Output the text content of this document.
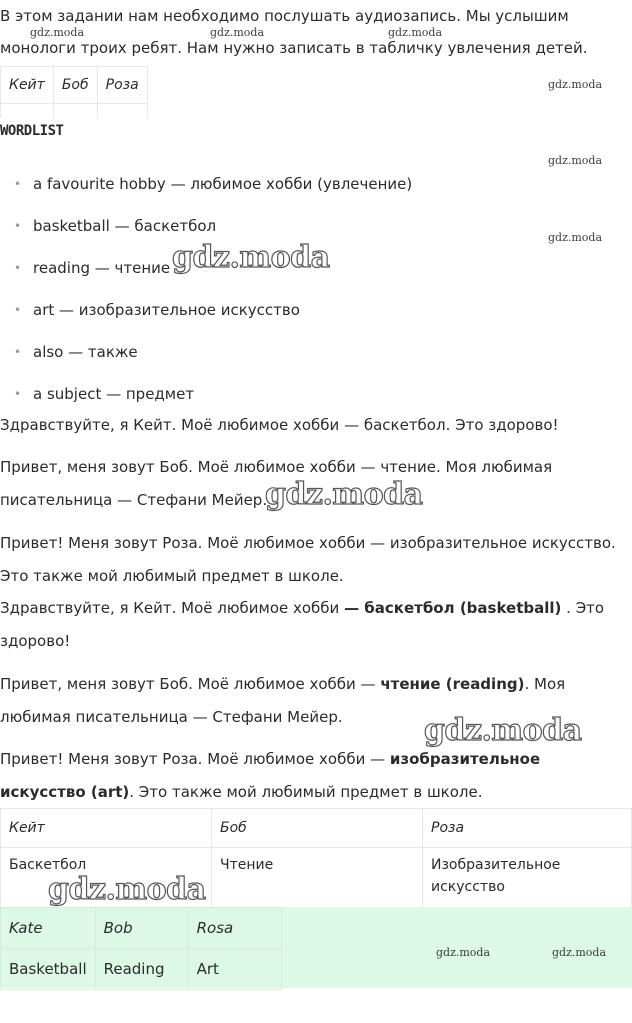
В этом задании нам необходимо послушать аудиозапись. Мы услышим монологи троих ребят. Нам нужно записать в табличку увлечения детей.

Кейт	Боб	Роза

WORDLIST
• a favourite hobby — любимое хобби (увлечение)
• basketball — баскетбол
• reading — чтение
• art — изобразительное искусство
• also — также
• a subject — предмет

Здравствуйте, я Кейт. Моё любимое хобби — баскетбол. Это здорово!

Привет, меня зовут Боб. Моё любимое хобби — чтение. Моя любимая писательница — Стефани Мейер.

Привет! Меня зовут Роза. Моё любимое хобби — изобразительное искусство. Это также мой любимый предмет в школе.

Здравствуйте, я Кейт. Моё любимое хобби — баскетбол (basketball) . Это здорово!

Привет, меня зовут Боб. Моё любимое хобби — чтение (reading). Моя любимая писательница — Стефани Мейер.

Привет! Меня зовут Роза. Моё любимое хобби — изобразительное искусство (art). Это также мой любимый предмет в школе.

Кейт	Боб	Роза
Баскетбол	Чтение	Изобразительное искусство
Kate	Bob	Rosa
Basketball	Reading	Art
gdz.moda	gdz.moda	gdz.moda
gdz.moda
gdz.moda
gdz.moda
gdz.moda
gdz.moda
gdz.moda
gdz.moda
gdz.moda	gdz.moda
